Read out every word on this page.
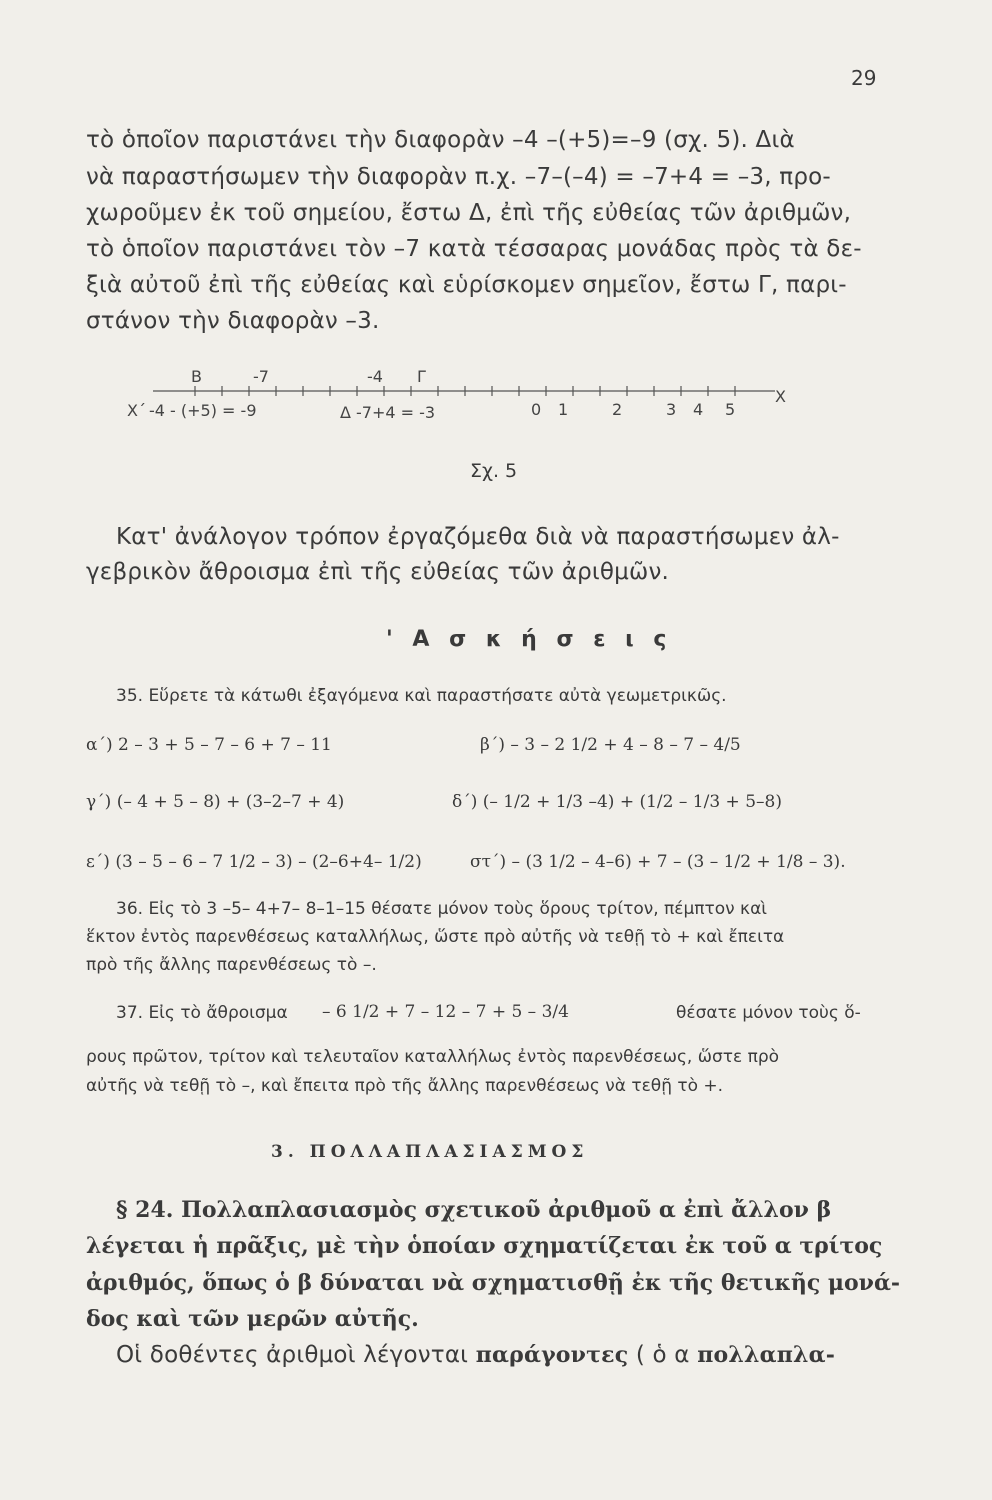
29
τὸ ὁποῖον παριστάνει τὴν διαφορὰν –4 –(+5)=–9 (σχ. 5). Διὰ
νὰ παραστήσωμεν τὴν διαφορὰν π.χ. –7–(–4) = –7+4 = –3, προ-
χωροῦμεν ἐκ τοῦ σημείου, ἔστω Δ, ἐπὶ τῆς εὐθείας τῶν ἀριθμῶν,
τὸ ὁποῖον παριστάνει τὸν –7 κατὰ τέσσαρας μονάδας πρὸς τὰ δε-
ξιὰ αὐτοῦ ἐπὶ τῆς εὐθείας καὶ εὑρίσκομεν σημεῖον, ἔστω Γ, παρι-
στάνον τὴν διαφορὰν –3.
B	-7	-4 Γ
X΄ -4 - (+5) = -9	Δ -7+4 = -3	0 1	2	3 4 5
X
Σχ. 5
Κατ' ἀνάλογον τρόπον ἐργαζόμεθα διὰ νὰ παραστήσωμεν ἀλ-
γεβρικὸν ἄθροισμα ἐπὶ τῆς εὐθείας τῶν ἀριθμῶν.
' Α σ κ ή σ ε ι ς
35. Εὕρετε τὰ κάτωθι ἐξαγόμενα καὶ παραστήσατε αὐτὰ γεωμετρικῶς.
α΄) 2 – 3 + 5 – 7 – 6 + 7 – 11	β΄) – 3 – 2 1/2 + 4 – 8 – 7 – 4/5
γ΄) (– 4 + 5 – 8) + (3–2–7 + 4)	δ΄) (– 1/2 + 1/3 –4) + (1/2 – 1/3 + 5–8)
ε΄) (3 – 5 – 6 – 7 1/2 – 3) – (2–6+4– 1/2)	στ΄) – (3 1/2 – 4–6) + 7 – (3 – 1/2 + 1/8 – 3).
36. Εἰς τὸ 3 –5– 4+7– 8–1–15 θέσατε μόνον τοὺς ὅρους τρίτον, πέμπτον καὶ
ἕκτον ἐντὸς παρενθέσεως καταλλήλως, ὥστε πρὸ αὐτῆς νὰ τεθῇ τὸ + καὶ ἔπειτα
πρὸ τῆς ἄλλης παρενθέσεως τὸ –.
37. Εἰς τὸ ἄθροισμα – 6 1/2 + 7 – 12 – 7 + 5 – 3/4	θέσατε μόνον τοὺς ὅ-
ρους πρῶτον, τρίτον καὶ τελευταῖον καταλλήλως ἐντὸς παρενθέσεως, ὥστε πρὸ
αὐτῆς νὰ τεθῇ τὸ –, καὶ ἔπειτα πρὸ τῆς ἄλλης παρενθέσεως νὰ τεθῇ τὸ +.
3. ΠΟΛΛΑΠΛΑΣΙΑΣΜΟΣ
§ 24. Πολλαπλασιασμὸς σχετικοῦ ἀριθμοῦ α ἐπὶ ἄλλον β
λέγεται ἡ πρᾶξις, μὲ τὴν ὁποίαν σχηματίζεται ἐκ τοῦ α τρίτος
ἀριθμός, ὅπως ὁ β δύναται νὰ σχηματισθῇ ἐκ τῆς θετικῆς μονά-
δος καὶ τῶν μερῶν αὐτῆς.
Οἱ δοθέντες ἀριθμοὶ λέγονται παράγοντες ( ὁ α πολλαπλα-
